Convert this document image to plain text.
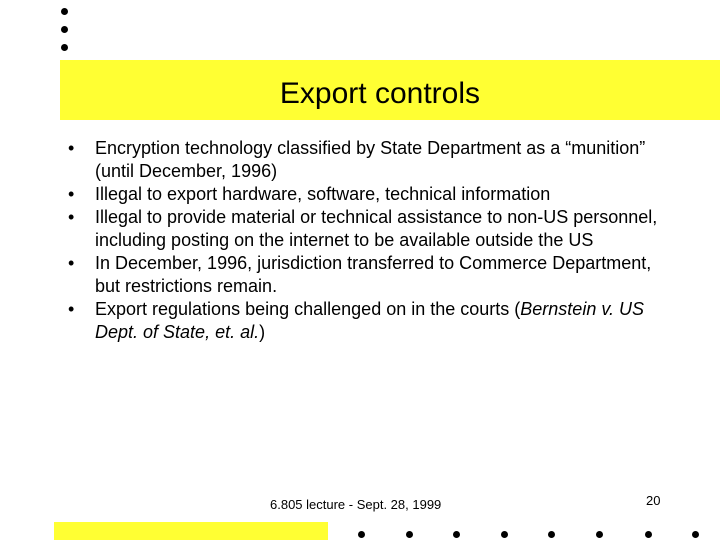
Export controls
• Encryption technology classified by State Department as a “munition” (until December, 1996)
• Illegal to export hardware, software, technical information
• Illegal to provide material or technical assistance to non-US personnel, including posting on the internet to be available outside the US
• In December, 1996, jurisdiction transferred to Commerce Department, but restrictions remain.
• Export regulations being challenged on in the courts (Bernstein v. US Dept. of State, et. al.)
6.805 lecture - Sept. 28, 1999	20
